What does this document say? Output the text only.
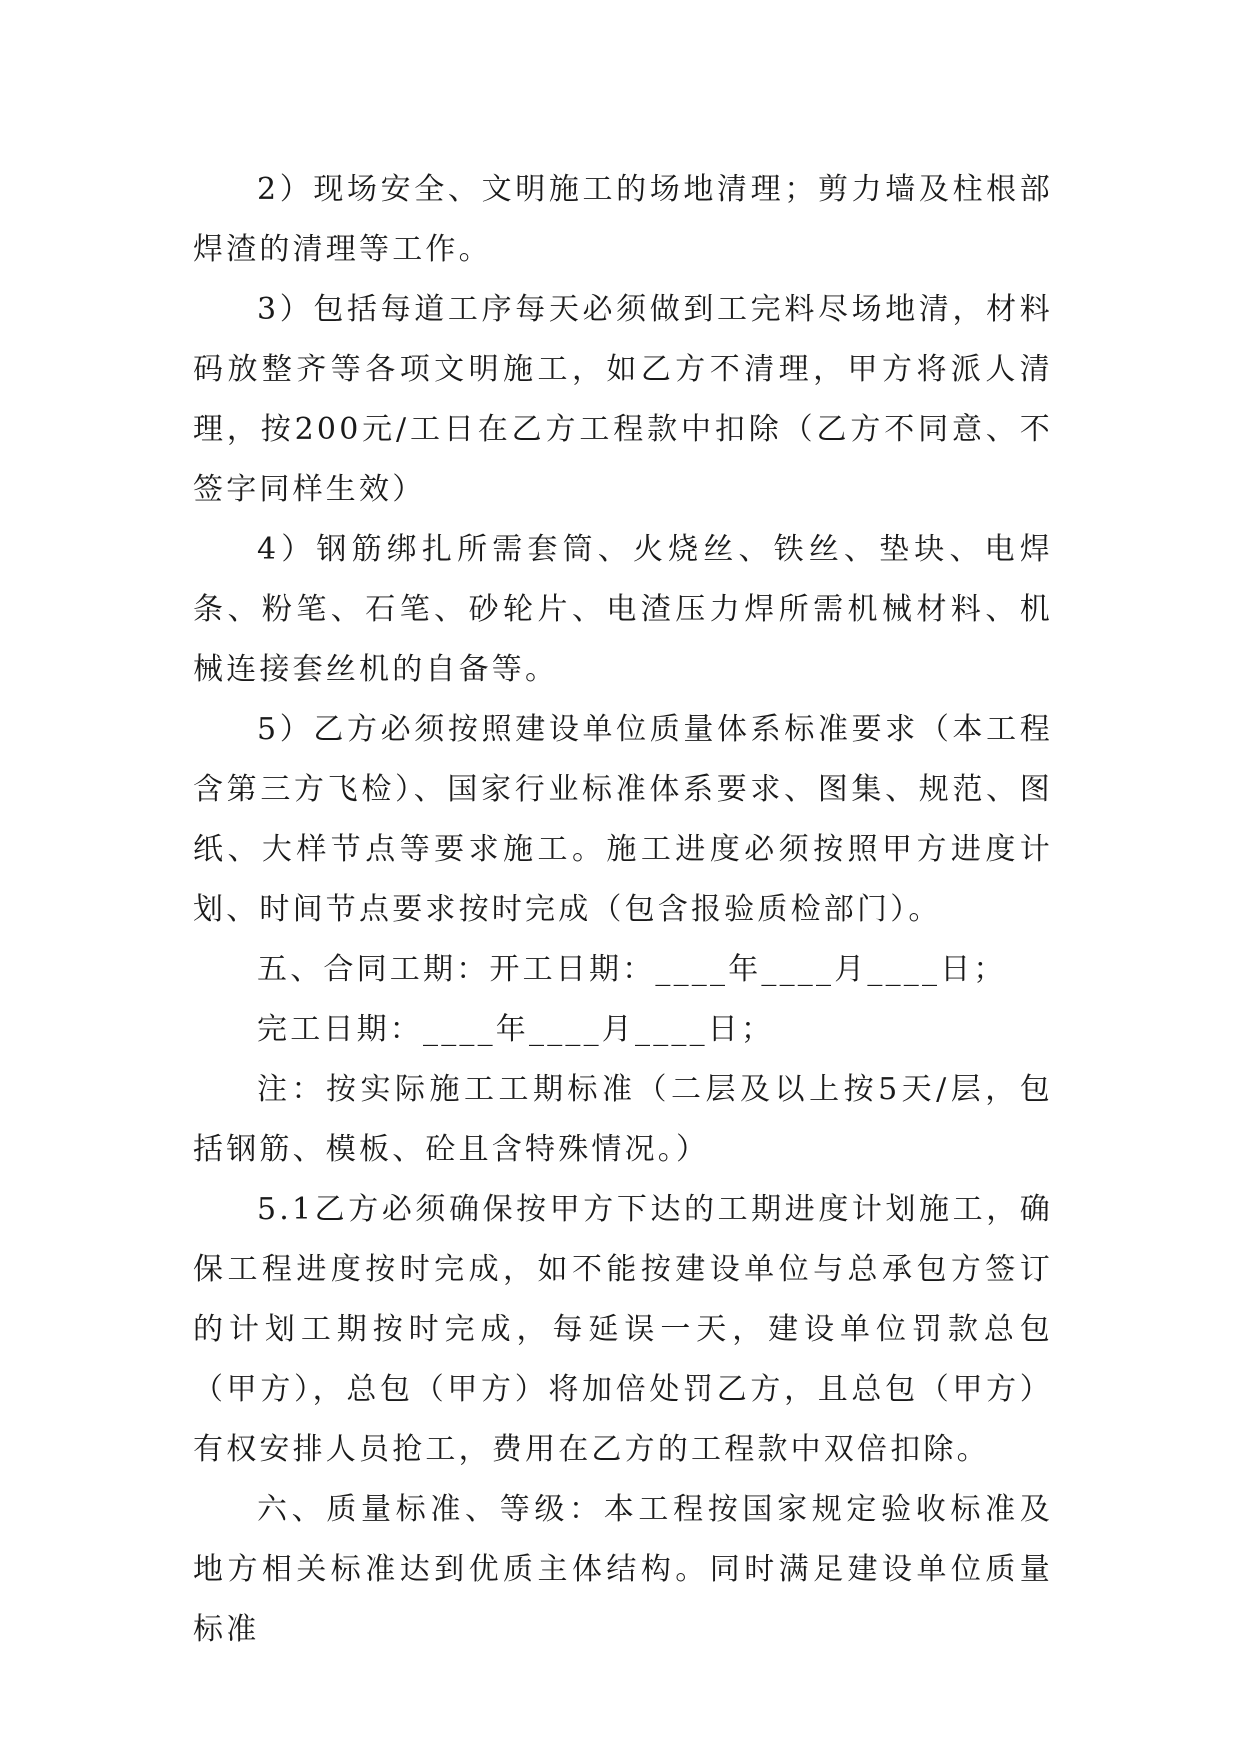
2）现场安全、文明施工的场地清理；剪力墙及柱根部焊渣的清理等工作。

3）包括每道工序每天必须做到工完料尽场地清，材料码放整齐等各项文明施工，如乙方不清理，甲方将派人清理，按200元/工日在乙方工程款中扣除（乙方不同意、不签字同样生效）

4）钢筋绑扎所需套筒、火烧丝、铁丝、垫块、电焊条、粉笔、石笔、砂轮片、电渣压力焊所需机械材料、机械连接套丝机的自备等。

5）乙方必须按照建设单位质量体系标准要求（本工程含第三方飞检）、国家行业标准体系要求、图集、规范、图纸、大样节点等要求施工。施工进度必须按照甲方进度计划、时间节点要求按时完成（包含报验质检部门）。

五、合同工期：开工日期：____年____月____日；

完工日期：____年____月____日；

注：按实际施工工期标准（二层及以上按5天/层，包括钢筋、模板、砼且含特殊情况。）

5.1乙方必须确保按甲方下达的工期进度计划施工，确保工程进度按时完成，如不能按建设单位与总承包方签订的计划工期按时完成，每延误一天，建设单位罚款总包（甲方），总包（甲方）将加倍处罚乙方，且总包（甲方）有权安排人员抢工，费用在乙方的工程款中双倍扣除。

六、质量标准、等级：本工程按国家规定验收标准及地方相关标准达到优质主体结构。同时满足建设单位质量标准
